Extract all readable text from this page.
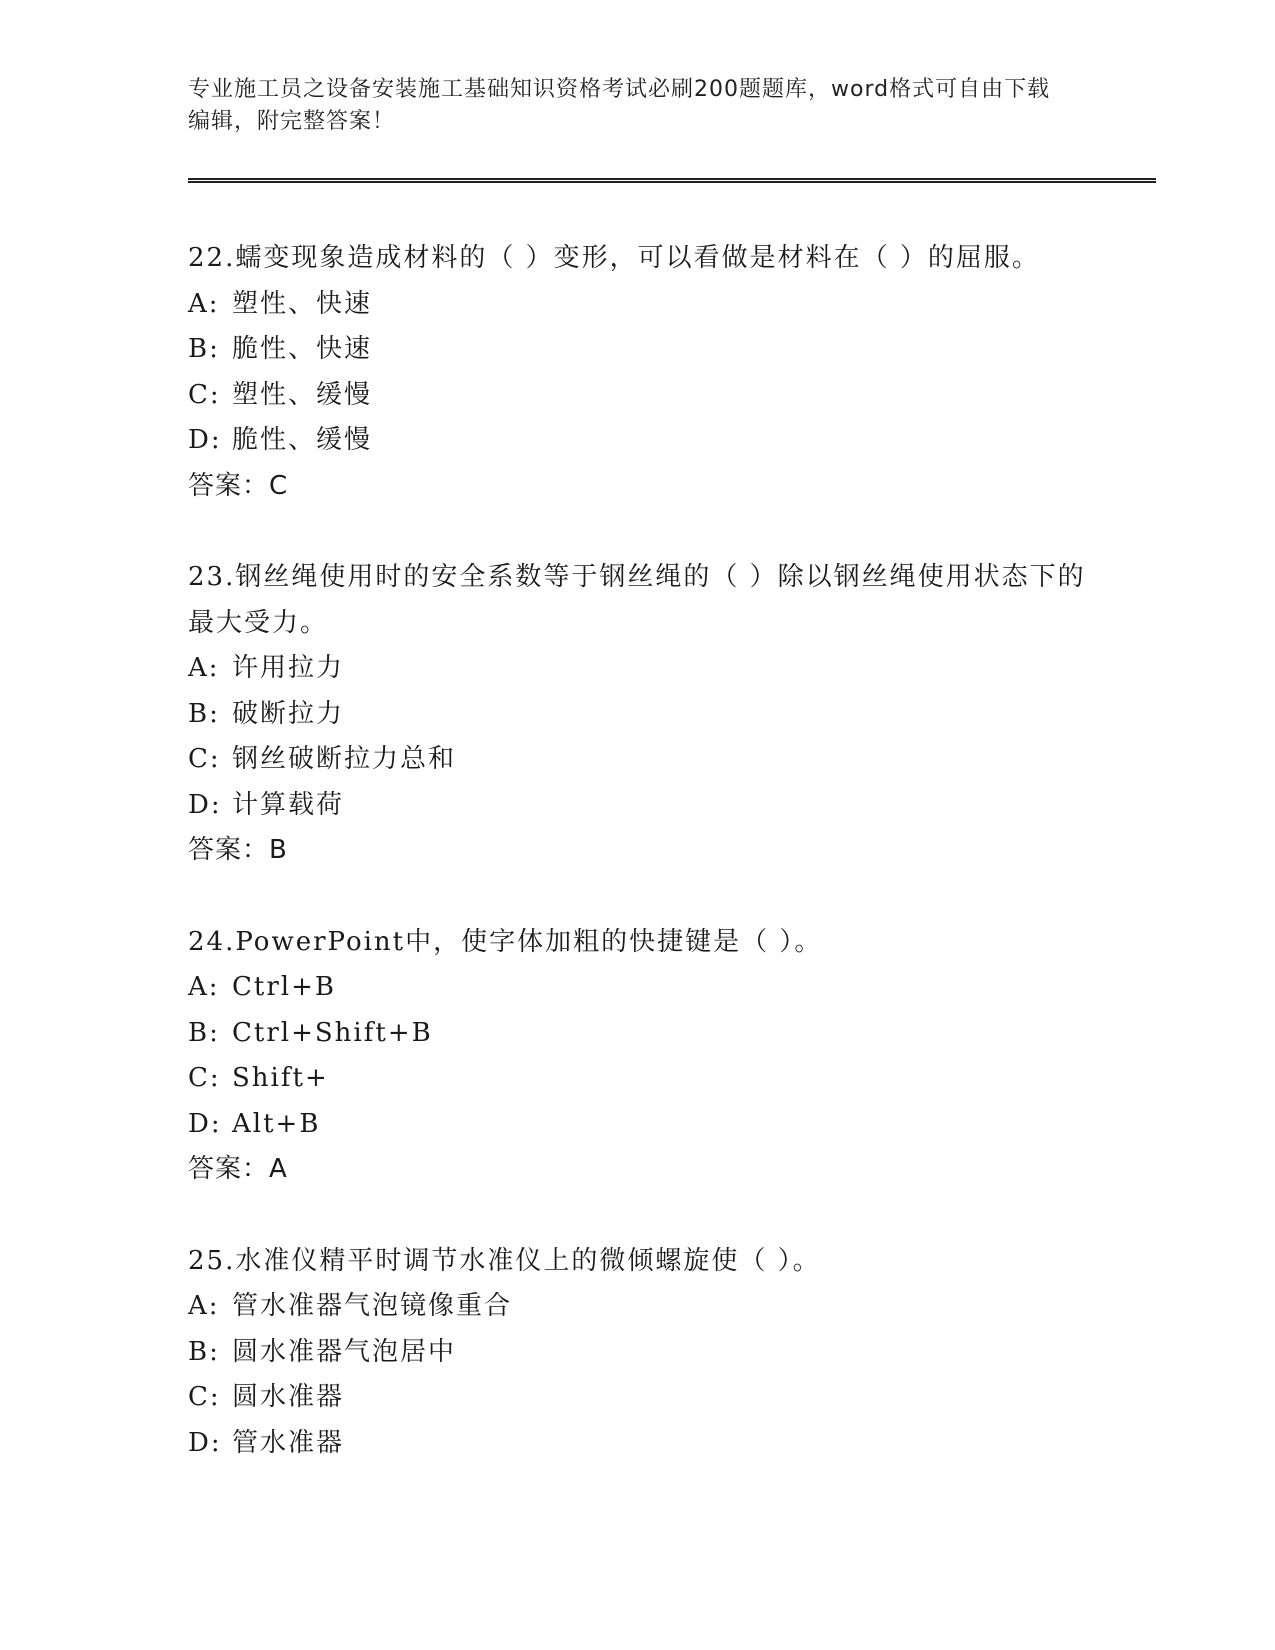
专业施工员之设备安装施工基础知识资格考试必刷200题题库，word格式可自由下载编辑，附完整答案！

22.蠕变现象造成材料的（ ）变形，可以看做是材料在（ ）的屈服。

A: 塑性、快速

B: 脆性、快速

C: 塑性、缓慢

D: 脆性、缓慢

答案：C

23.钢丝绳使用时的安全系数等于钢丝绳的（ ）除以钢丝绳使用状态下的最大受力。

A: 许用拉力

B: 破断拉力

C: 钢丝破断拉力总和

D: 计算载荷

答案：B

24.PowerPoint中，使字体加粗的快捷键是（ ）。

A: Ctrl+B

B: Ctrl+Shift+B

C: Shift+

D: Alt+B

答案：A

25.水准仪精平时调节水准仪上的微倾螺旋使（ ）。

A: 管水准器气泡镜像重合

B: 圆水准器气泡居中

C: 圆水准器

D: 管水准器
